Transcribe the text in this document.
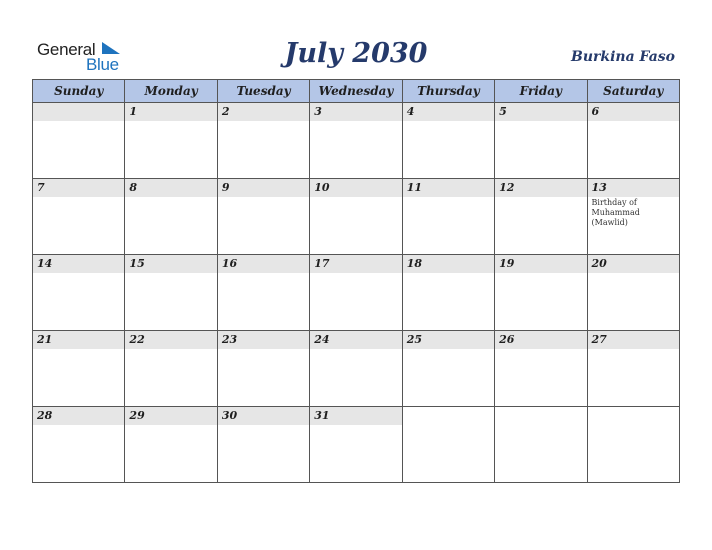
General
Blue	July 2030	Burkina Faso
Sunday	Monday	Tuesday	Wednesday	Thursday	Friday	Saturday

	1	2	3	4	5	6

7	8	9	10	11	12	13
Birthday of Muhammad (Mawlid)

14	15	16	17	18	19	20

21	22	23	24	25	26	27

28	29	30	31			
